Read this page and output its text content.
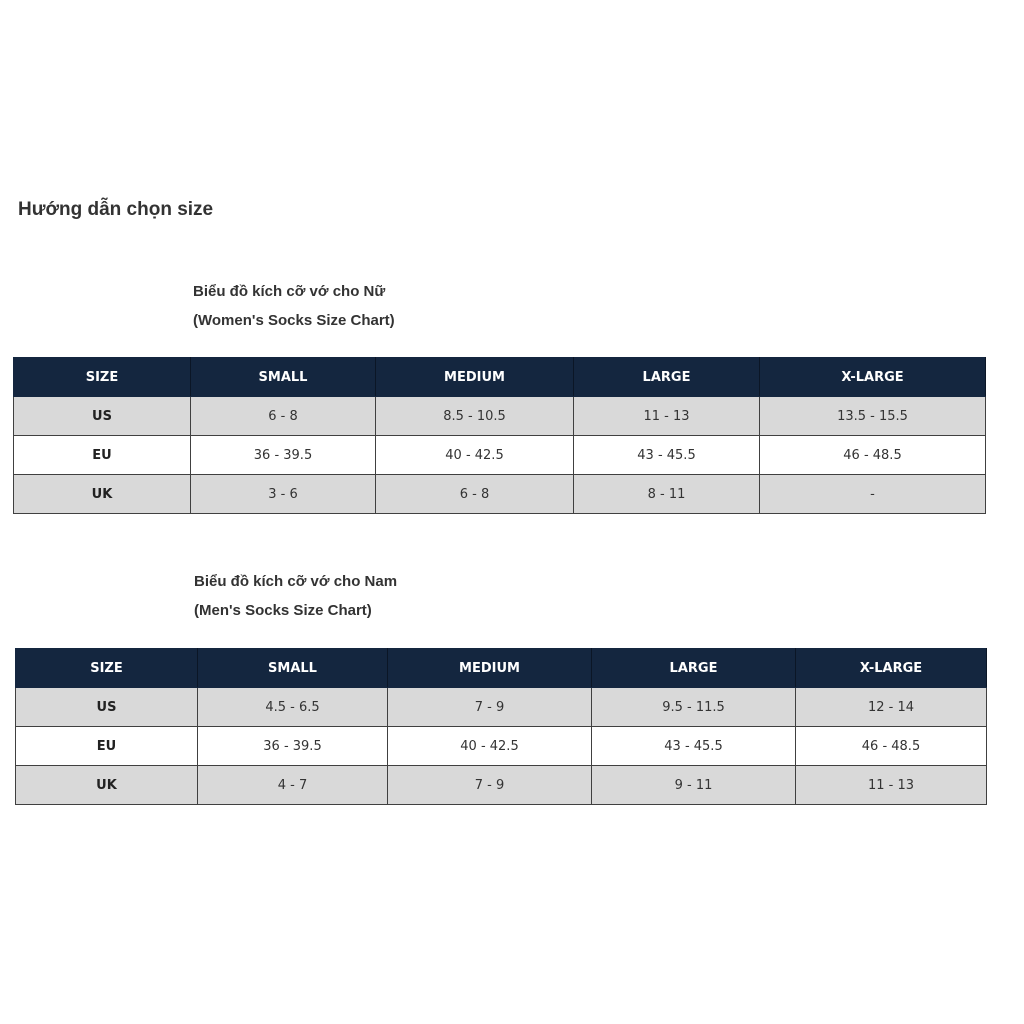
Hướng dẫn chọn size
Biểu đồ kích cỡ vớ cho Nữ
(Women's Socks Size Chart)
SIZE	SMALL	MEDIUM	LARGE	X-LARGE
US	6 - 8	8.5 - 10.5	11 - 13	13.5 - 15.5
EU	36 - 39.5	40 - 42.5	43 - 45.5	46 - 48.5
UK	3 - 6	6 - 8	8 - 11	-
Biểu đồ kích cỡ vớ cho Nam
(Men's Socks Size Chart)
SIZE	SMALL	MEDIUM	LARGE	X-LARGE
US	4.5 - 6.5	7 - 9	9.5 - 11.5	12 - 14
EU	36 - 39.5	40 - 42.5	43 - 45.5	46 - 48.5
UK	4 - 7	7 - 9	9 - 11	11 - 13
